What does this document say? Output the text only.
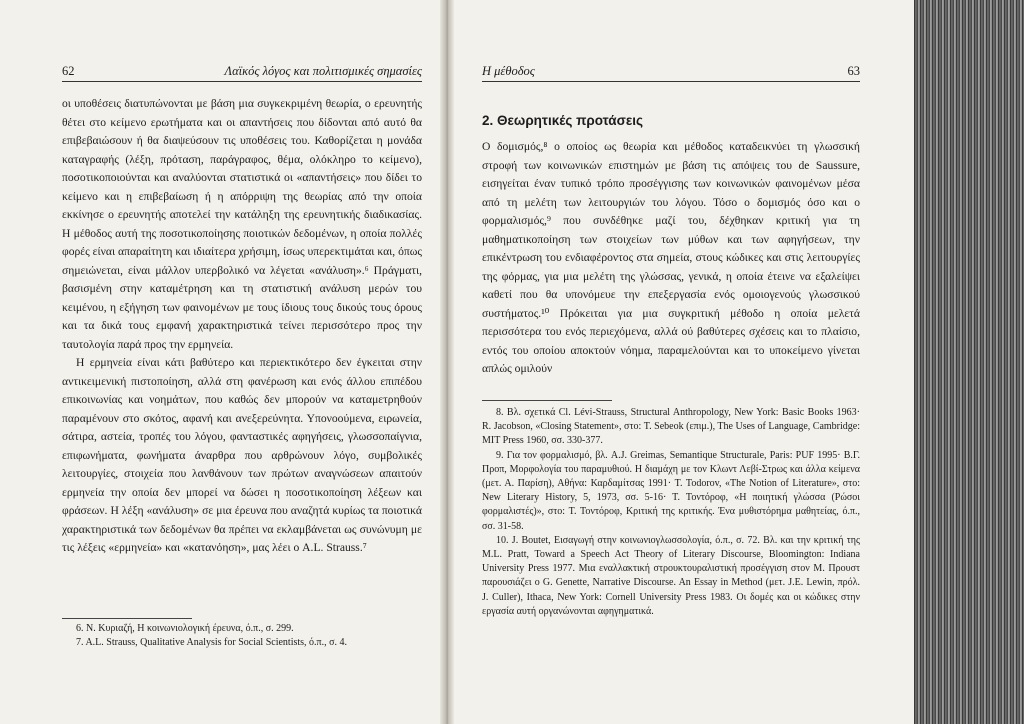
62	Λαϊκός λόγος και πολιτισμικές σημασίες

οι υποθέσεις διατυπώνονται με βάση μια συγκεκριμένη θεωρία, ο ερευνητής θέτει στο κείμενο ερωτήματα και οι απαντήσεις που δίδονται από αυτό θα επιβεβαιώσουν ή θα διαψεύσουν τις υποθέσεις του. Καθορίζεται η μονάδα καταγραφής (λέξη, πρόταση, παράγραφος, θέμα, ολόκληρο το κείμενο), ποσοτικοποιούνται και αναλύονται στατιστικά οι «απαντήσεις» που δίδει το κείμενο και η επιβεβαίωση ή η απόρριψη της θεωρίας από την οποία εκκίνησε ο ερευνητής αποτελεί την κατάληξη της ερευνητικής διαδικασίας. Η μέθοδος αυτή της ποσοτικοποίησης ποιοτικών δεδομένων, η οποία πολλές φορές είναι απαραίτητη και ιδιαίτερα χρήσιμη, ίσως υπερεκτιμάται και, όπως σημειώνεται, είναι μάλλον υπερβολικό να λέγεται «ανάλυση».⁶ Πράγματι, βασισμένη στην καταμέτρηση και τη στατιστική ανάλυση μερών του κειμένου, η εξήγηση των φαινομένων με τους ίδιους τους δικούς τους όρους και τα δικά τους εμφανή χαρακτηριστικά τείνει περισσότερο προς την ταυτολογία παρά προς την ερμηνεία.

Η ερμηνεία είναι κάτι βαθύτερο και περιεκτικότερο δεν έγκειται στην αντικειμενική πιστοποίηση, αλλά στη φανέρωση και ενός άλλου επιπέδου επικοινωνίας και νοημάτων, που καθώς δεν μπορούν να καταμετρηθούν παραμένουν στο σκότος, αφανή και ανεξερεύνητα. Υπονοούμενα, ειρωνεία, σάτιρα, αστεία, τροπές του λόγου, φανταστικές αφηγήσεις, γλωσσοπαίγνια, επιφωνήματα, φωνήματα άναρθρα που αρθρώνουν λόγο, συμβολικές λειτουργίες, στοιχεία που λανθάνουν των πρώτων αναγνώσεων απαιτούν ερμηνεία την οποία δεν μπορεί να δώσει η ποσοτικοποίηση λέξεων και φράσεων. Η λέξη «ανάλυση» σε μια έρευνα που αναζητά κυρίως τα ποιοτικά χαρακτηριστικά των δεδομένων θα πρέπει να εκλαμβάνεται ως συνώνυμη με τις λέξεις «ερμηνεία» και «κατανόηση», μας λέει ο A.L. Strauss.⁷

6. N. Κυριαζή, Η κοινωνιολογική έρευνα, ό.π., σ. 299.

7. A.L. Strauss, Qualitative Analysis for Social Scientists, ό.π., σ. 4.

Η μέθοδος	63
2. Θεωρητικές προτάσεις

Ο δομισμός,⁸ ο οποίος ως θεωρία και μέθοδος καταδεικνύει τη γλωσσική στροφή των κοινωνικών επιστημών με βάση τις απόψεις του de Saussure, εισηγείται έναν τυπικό τρόπο προσέγγισης των κοινωνικών φαινομένων μέσα από τη μελέτη των λειτουργιών του λόγου. Τόσο ο δομισμός όσο και ο φορμαλισμός,⁹ που συνδέθηκε μαζί του, δέχθηκαν κριτική για τη μαθηματικοποίηση των στοιχείων των μύθων και των αφηγήσεων, την επικέντρωση του ενδιαφέροντος στα σημεία, στους κώδικες και στις λειτουργίες της φόρμας, για μια μελέτη της γλώσσας, γενικά, η οποία έτεινε να εξαλείψει καθετί που θα υπονόμευε την επεξεργασία ενός ομοιογενούς γλωσσικού συστήματος.¹⁰ Πρόκειται για μια συγκριτική μέθοδο η οποία μελετά περισσότερα του ενός περιεχόμενα, αλλά ού βαθύτερες σχέσεις και το πλαίσιο, εντός του οποίου αποκτούν νόημα, παραμελούνται και το υποκείμενο γίνεται απλώς ομιλούν

8. Βλ. σχετικά Cl. Lévi-Strauss, Structural Anthropology, New York: Basic Books 1963· R. Jacobson, «Closing Statement», στο: T. Sebeok (επιμ.), The Uses of Language, Cambridge: MIT Press 1960, σσ. 330-377.

9. Για τον φορμαλισμό, βλ. A.J. Greimas, Semantique Structurale, Paris: PUF 1995· B.Γ. Προπ, Μορφολογία του παραμυθιού. Η διαμάχη με τον Κλωντ Λεβί-Στρως και άλλα κείμενα (μετ. Α. Παρίση), Αθήνα: Καρδαμίτσας 1991· T. Todorov, «The Notion of Literature», στο: New Literary History, 5, 1973, σσ. 5-16· Τ. Τοντόροφ, «Η ποιητική γλώσσα (Ρώσοι φορμαλιστές)», στο: Τ. Τοντόροφ, Κριτική της κριτικής. Ένα μυθιστόρημα μαθητείας, ό.π., σσ. 31-58.

10. J. Boutet, Εισαγωγή στην κοινωνιογλωσσολογία, ό.π., σ. 72. Βλ. και την κριτική της M.L. Pratt, Toward a Speech Act Theory of Literary Discourse, Bloomington: Indiana University Press 1977. Μια εναλλακτική στρουκτουραλιστική προσέγγιση στον M. Προυστ παρουσιάζει ο G. Genette, Narrative Discourse. An Essay in Method (μετ. J.E. Lewin, πρόλ. J. Culler), Ithaca, New York: Cornell University Press 1983. Οι δομές και οι κώδικες στην εργασία αυτή οργανώνονται αφηγηματικά.
